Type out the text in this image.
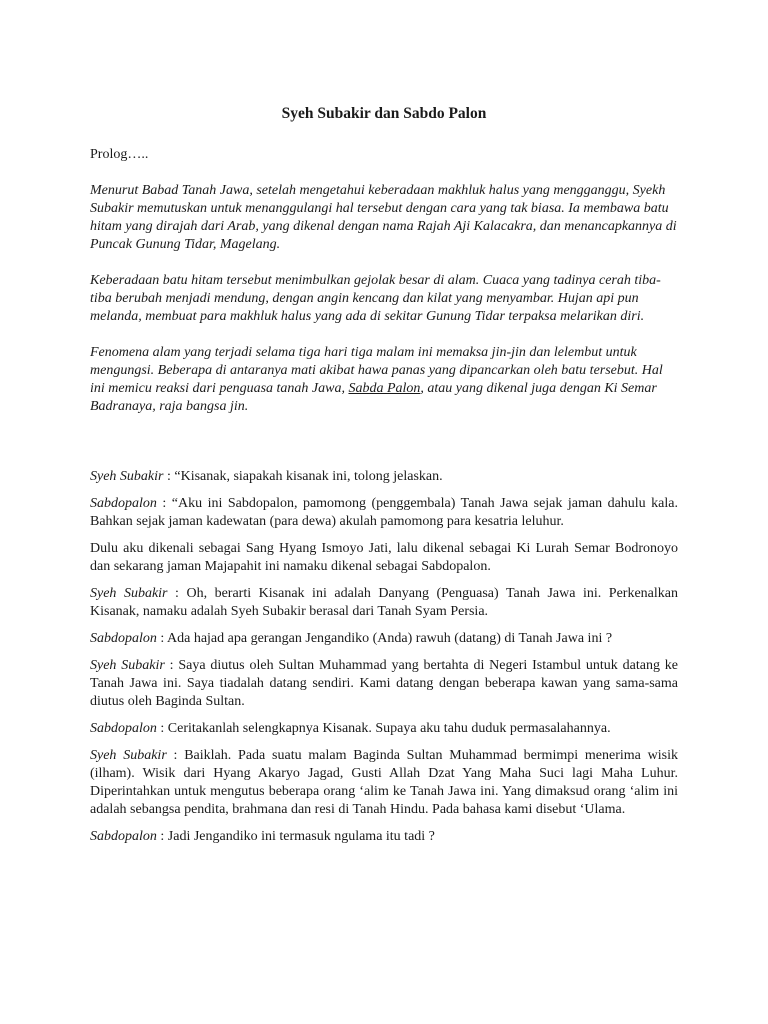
Syeh Subakir dan Sabdo Palon
Prolog…..

Menurut Babad Tanah Jawa, setelah mengetahui keberadaan makhluk halus yang mengganggu, Syekh Subakir memutuskan untuk menanggulangi hal tersebut dengan cara yang tak biasa. Ia membawa batu hitam yang dirajah dari Arab, yang dikenal dengan nama Rajah Aji Kalacakra, dan menancapkannya di Puncak Gunung Tidar, Magelang.

Keberadaan batu hitam tersebut menimbulkan gejolak besar di alam. Cuaca yang tadinya cerah tiba-tiba berubah menjadi mendung, dengan angin kencang dan kilat yang menyambar. Hujan api pun melanda, membuat para makhluk halus yang ada di sekitar Gunung Tidar terpaksa melarikan diri.

Fenomena alam yang terjadi selama tiga hari tiga malam ini memaksa jin-jin dan lelembut untuk mengungsi. Beberapa di antaranya mati akibat hawa panas yang dipancarkan oleh batu tersebut. Hal ini memicu reaksi dari penguasa tanah Jawa, Sabda Palon, atau yang dikenal juga dengan Ki Semar Badranaya, raja bangsa jin.

Syeh Subakir : “Kisanak, siapakah kisanak ini, tolong jelaskan.

Sabdopalon : “Aku ini Sabdopalon, pamomong (penggembala) Tanah Jawa sejak jaman dahulu kala. Bahkan sejak jaman kadewatan (para dewa) akulah pamomong para kesatria leluhur.

Dulu aku dikenali sebagai Sang Hyang Ismoyo Jati, lalu dikenal sebagai Ki Lurah Semar Bodronoyo dan sekarang jaman Majapahit ini namaku dikenal sebagai Sabdopalon.

Syeh Subakir : Oh, berarti Kisanak ini adalah Danyang (Penguasa) Tanah Jawa ini. Perkenalkan Kisanak, namaku adalah Syeh Subakir berasal dari Tanah Syam Persia.

Sabdopalon : Ada hajad apa gerangan Jengandiko (Anda) rawuh (datang) di Tanah Jawa ini ?

Syeh Subakir : Saya diutus oleh Sultan Muhammad yang bertahta di Negeri Istambul untuk datang ke Tanah Jawa ini. Saya tiadalah datang sendiri. Kami datang dengan beberapa kawan yang sama-sama diutus oleh Baginda Sultan.

Sabdopalon : Ceritakanlah selengkapnya Kisanak. Supaya aku tahu duduk permasalahannya.

Syeh Subakir : Baiklah. Pada suatu malam Baginda Sultan Muhammad bermimpi menerima wisik (ilham). Wisik dari Hyang Akaryo Jagad, Gusti Allah Dzat Yang Maha Suci lagi Maha Luhur. Diperintahkan untuk mengutus beberapa orang ‘alim ke Tanah Jawa ini. Yang dimaksud orang ‘alim ini adalah sebangsa pendita, brahmana dan resi di Tanah Hindu. Pada bahasa kami disebut ‘Ulama.

Sabdopalon : Jadi Jengandiko ini termasuk ngulama itu tadi ?
